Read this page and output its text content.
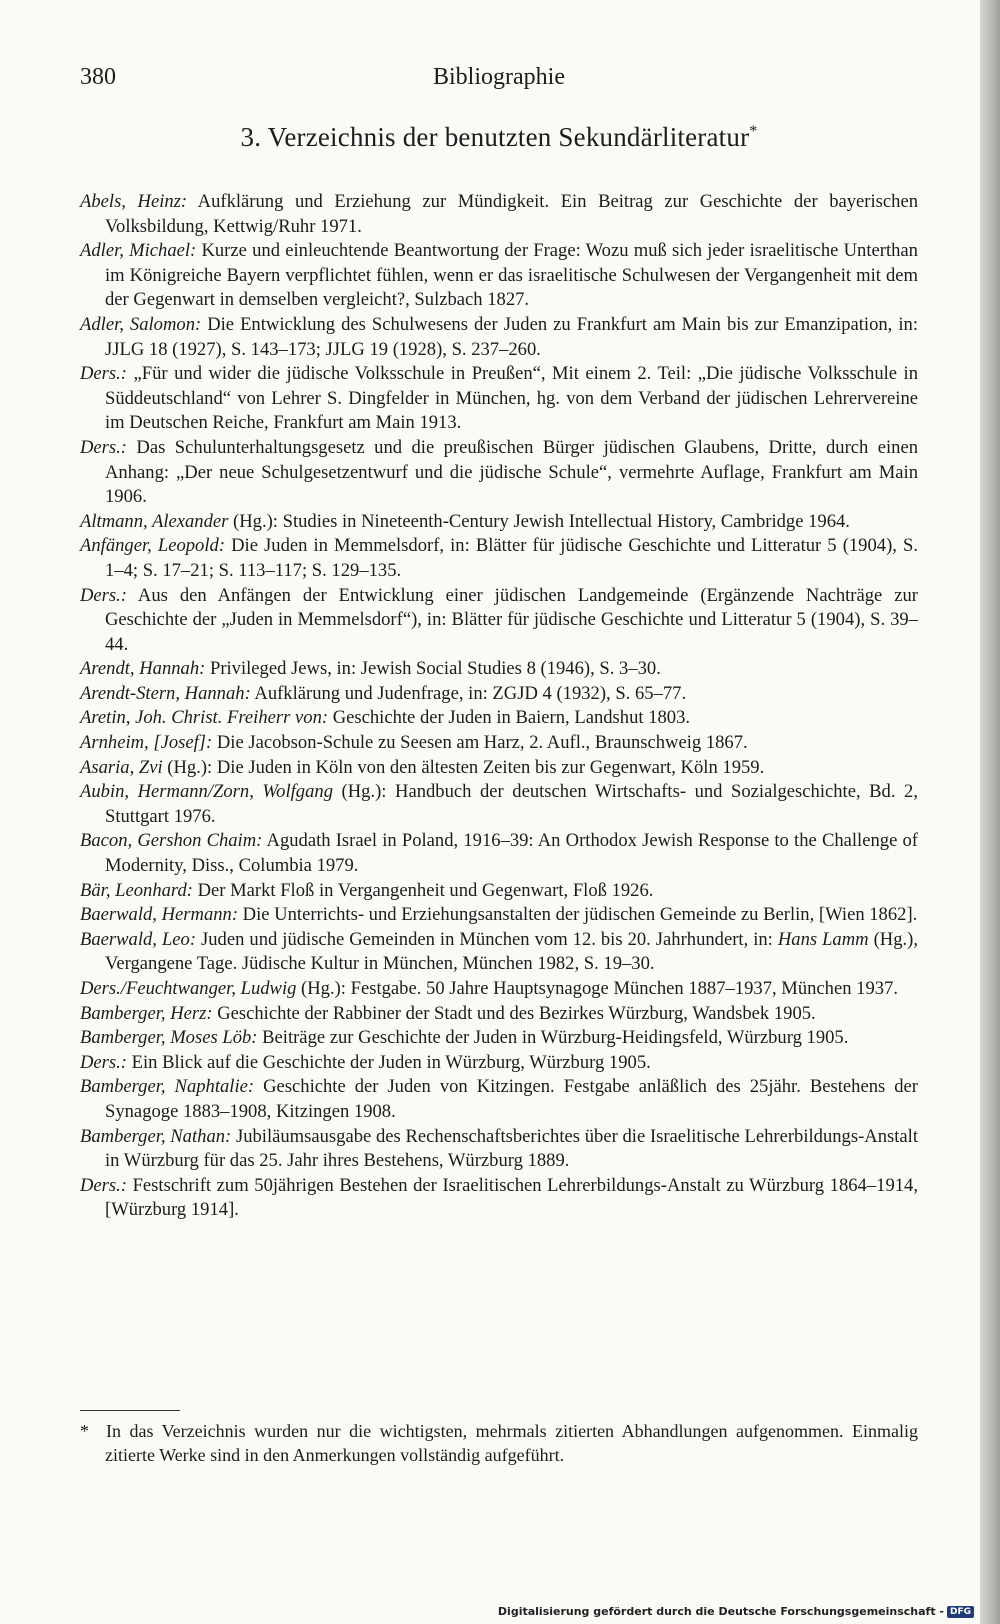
380	Bibliographie
3. Verzeichnis der benutzten Sekundärliteratur*
Abels, Heinz: Aufklärung und Erziehung zur Mündigkeit. Ein Beitrag zur Geschichte der bayerischen Volksbildung, Kettwig/Ruhr 1971.
Adler, Michael: Kurze und einleuchtende Beantwortung der Frage: Wozu muß sich jeder israelitische Unterthan im Königreiche Bayern verpflichtet fühlen, wenn er das israelitische Schulwesen der Vergangenheit mit dem der Gegenwart in demselben vergleicht?, Sulzbach 1827.
Adler, Salomon: Die Entwicklung des Schulwesens der Juden zu Frankfurt am Main bis zur Emanzipation, in: JJLG 18 (1927), S. 143–173; JJLG 19 (1928), S. 237–260.
Ders.: „Für und wider die jüdische Volksschule in Preußen“, Mit einem 2. Teil: „Die jüdische Volksschule in Süddeutschland“ von Lehrer S. Dingfelder in München, hg. von dem Verband der jüdischen Lehrervereine im Deutschen Reiche, Frankfurt am Main 1913.
Ders.: Das Schulunterhaltungsgesetz und die preußischen Bürger jüdischen Glaubens, Dritte, durch einen Anhang: „Der neue Schulgesetzentwurf und die jüdische Schule“, vermehrte Auflage, Frankfurt am Main 1906.
Altmann, Alexander (Hg.): Studies in Nineteenth-Century Jewish Intellectual History, Cambridge 1964.
Anfänger, Leopold: Die Juden in Memmelsdorf, in: Blätter für jüdische Geschichte und Litteratur 5 (1904), S. 1–4; S. 17–21; S. 113–117; S. 129–135.
Ders.: Aus den Anfängen der Entwicklung einer jüdischen Landgemeinde (Ergänzende Nachträge zur Geschichte der „Juden in Memmelsdorf“), in: Blätter für jüdische Geschichte und Litteratur 5 (1904), S. 39–44.
Arendt, Hannah: Privileged Jews, in: Jewish Social Studies 8 (1946), S. 3–30.
Arendt-Stern, Hannah: Aufklärung und Judenfrage, in: ZGJD 4 (1932), S. 65–77.
Aretin, Joh. Christ. Freiherr von: Geschichte der Juden in Baiern, Landshut 1803.
Arnheim, [Josef]: Die Jacobson-Schule zu Seesen am Harz, 2. Aufl., Braunschweig 1867.
Asaria, Zvi (Hg.): Die Juden in Köln von den ältesten Zeiten bis zur Gegenwart, Köln 1959.
Aubin, Hermann/Zorn, Wolfgang (Hg.): Handbuch der deutschen Wirtschafts- und Sozialgeschichte, Bd. 2, Stuttgart 1976.
Bacon, Gershon Chaim: Agudath Israel in Poland, 1916–39: An Orthodox Jewish Response to the Challenge of Modernity, Diss., Columbia 1979.
Bär, Leonhard: Der Markt Floß in Vergangenheit und Gegenwart, Floß 1926.
Baerwald, Hermann: Die Unterrichts- und Erziehungsanstalten der jüdischen Gemeinde zu Berlin, [Wien 1862].
Baerwald, Leo: Juden und jüdische Gemeinden in München vom 12. bis 20. Jahrhundert, in: Hans Lamm (Hg.), Vergangene Tage. Jüdische Kultur in München, München 1982, S. 19–30.
Ders./Feuchtwanger, Ludwig (Hg.): Festgabe. 50 Jahre Hauptsynagoge München 1887–1937, München 1937.
Bamberger, Herz: Geschichte der Rabbiner der Stadt und des Bezirkes Würzburg, Wandsbek 1905.
Bamberger, Moses Löb: Beiträge zur Geschichte der Juden in Würzburg-Heidingsfeld, Würzburg 1905.
Ders.: Ein Blick auf die Geschichte der Juden in Würzburg, Würzburg 1905.
Bamberger, Naphtalie: Geschichte der Juden von Kitzingen. Festgabe anläßlich des 25jähr. Bestehens der Synagoge 1883–1908, Kitzingen 1908.
Bamberger, Nathan: Jubiläumsausgabe des Rechenschaftsberichtes über die Israelitische Lehrerbildungs-Anstalt in Würzburg für das 25. Jahr ihres Bestehens, Würzburg 1889.
Ders.: Festschrift zum 50jährigen Bestehen der Israelitischen Lehrerbildungs-Anstalt zu Würzburg 1864–1914, [Würzburg 1914].
* In das Verzeichnis wurden nur die wichtigsten, mehrmals zitierten Abhandlungen aufgenommen. Einmalig zitierte Werke sind in den Anmerkungen vollständig aufgeführt.
Digitalisierung gefördert durch die Deutsche Forschungsgemeinschaft - DFG
